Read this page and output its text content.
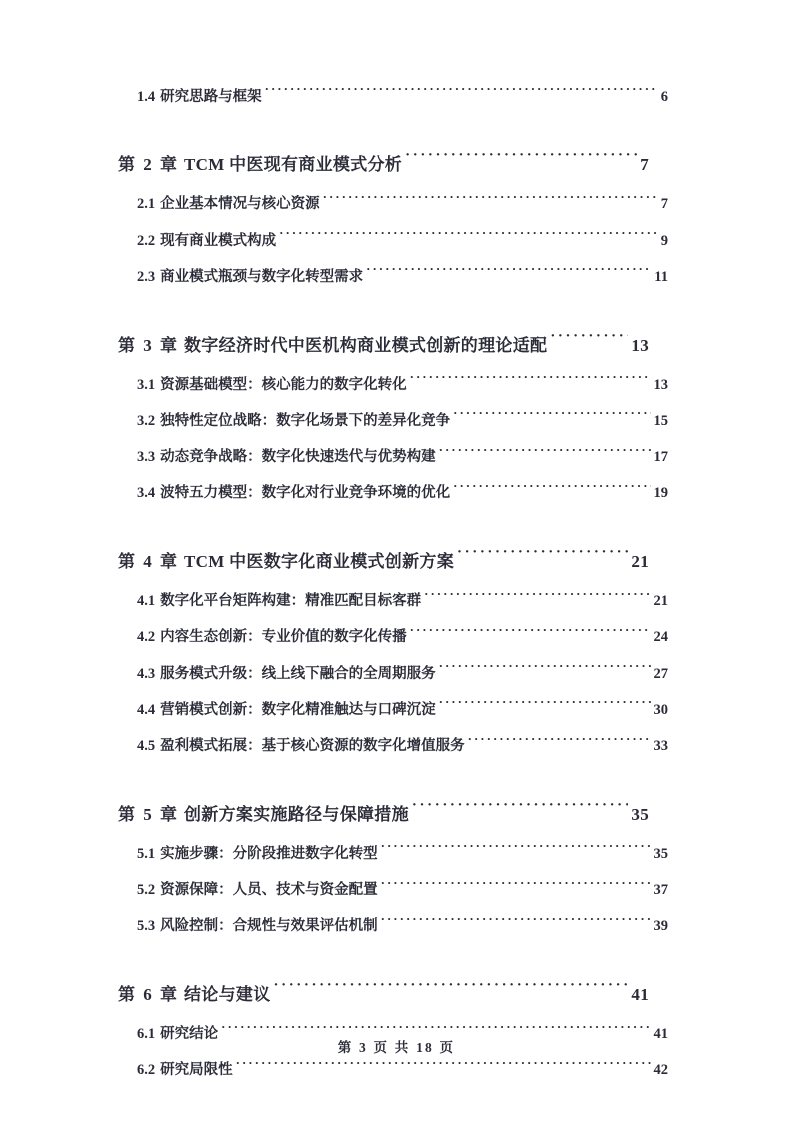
1.4 研究思路与框架 ·····	6
第 2 章 TCM 中医现有商业模式分析 ·····	7
2.1 企业基本情况与核心资源 ·····	7
2.2 现有商业模式构成 ·····	9
2.3 商业模式瓶颈与数字化转型需求 ·····	11
第 3 章 数字经济时代中医机构商业模式创新的理论适配 ·····	13
3.1 资源基础模型：核心能力的数字化转化 ·····	13
3.2 独特性定位战略：数字化场景下的差异化竞争 ·····	15
3.3 动态竞争战略：数字化快速迭代与优势构建 ·····	17
3.4 波特五力模型：数字化对行业竞争环境的优化 ·····	19
第 4 章 TCM 中医数字化商业模式创新方案 ·····	21
4.1 数字化平台矩阵构建：精准匹配目标客群 ·····	21
4.2 内容生态创新：专业价值的数字化传播 ·····	24
4.3 服务模式升级：线上线下融合的全周期服务 ·····	27
4.4 营销模式创新：数字化精准触达与口碑沉淀 ·····	30
4.5 盈利模式拓展：基于核心资源的数字化增值服务 ·····	33
第 5 章 创新方案实施路径与保障措施 ·····	35
5.1 实施步骤：分阶段推进数字化转型 ·····	35
5.2 资源保障：人员、技术与资金配置 ·····	37
5.3 风险控制：合规性与效果评估机制 ·····	39
第 6 章 结论与建议 ·····	41
6.1 研究结论 ·····	41
6.2 研究局限性 ·····	42
第 3 页 共 18 页
